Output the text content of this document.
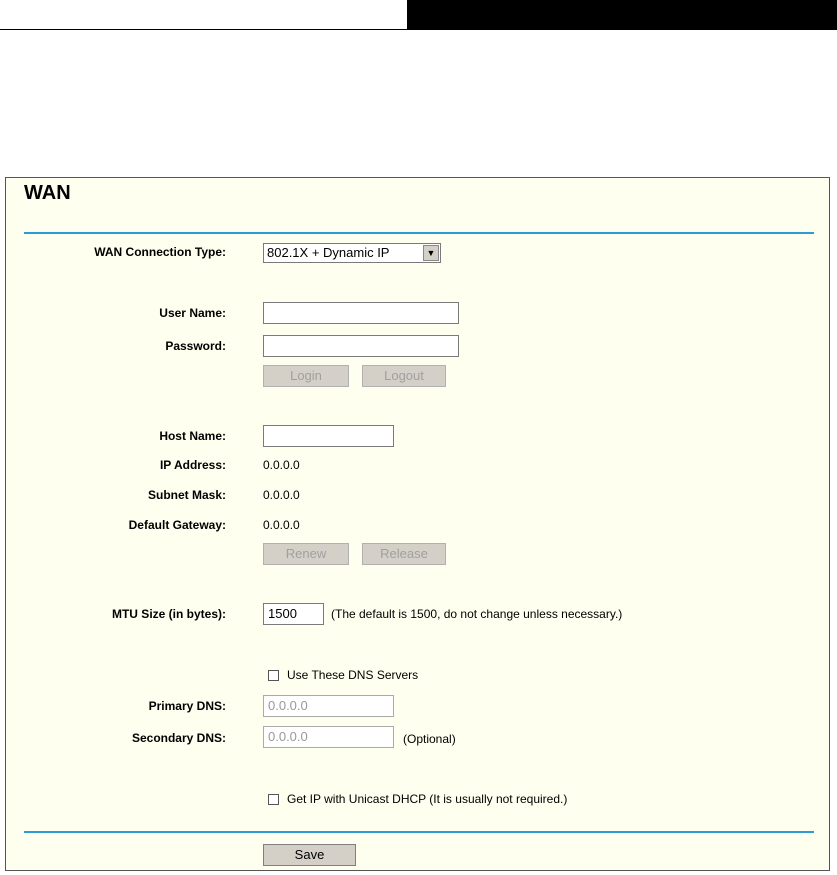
WAN
WAN Connection Type:	802.1X + Dynamic IP	▼
User Name:
Password:
Login	Logout
Host Name:
IP Address:	0.0.0.0
Subnet Mask:	0.0.0.0
Default Gateway:	0.0.0.0
Renew	Release
MTU Size (in bytes):	1500	(The default is 1500, do not change unless necessary.)
Use These DNS Servers
Primary DNS:	0.0.0.0
Secondary DNS:	0.0.0.0	(Optional)
Get IP with Unicast DHCP (It is usually not required.)
Save
